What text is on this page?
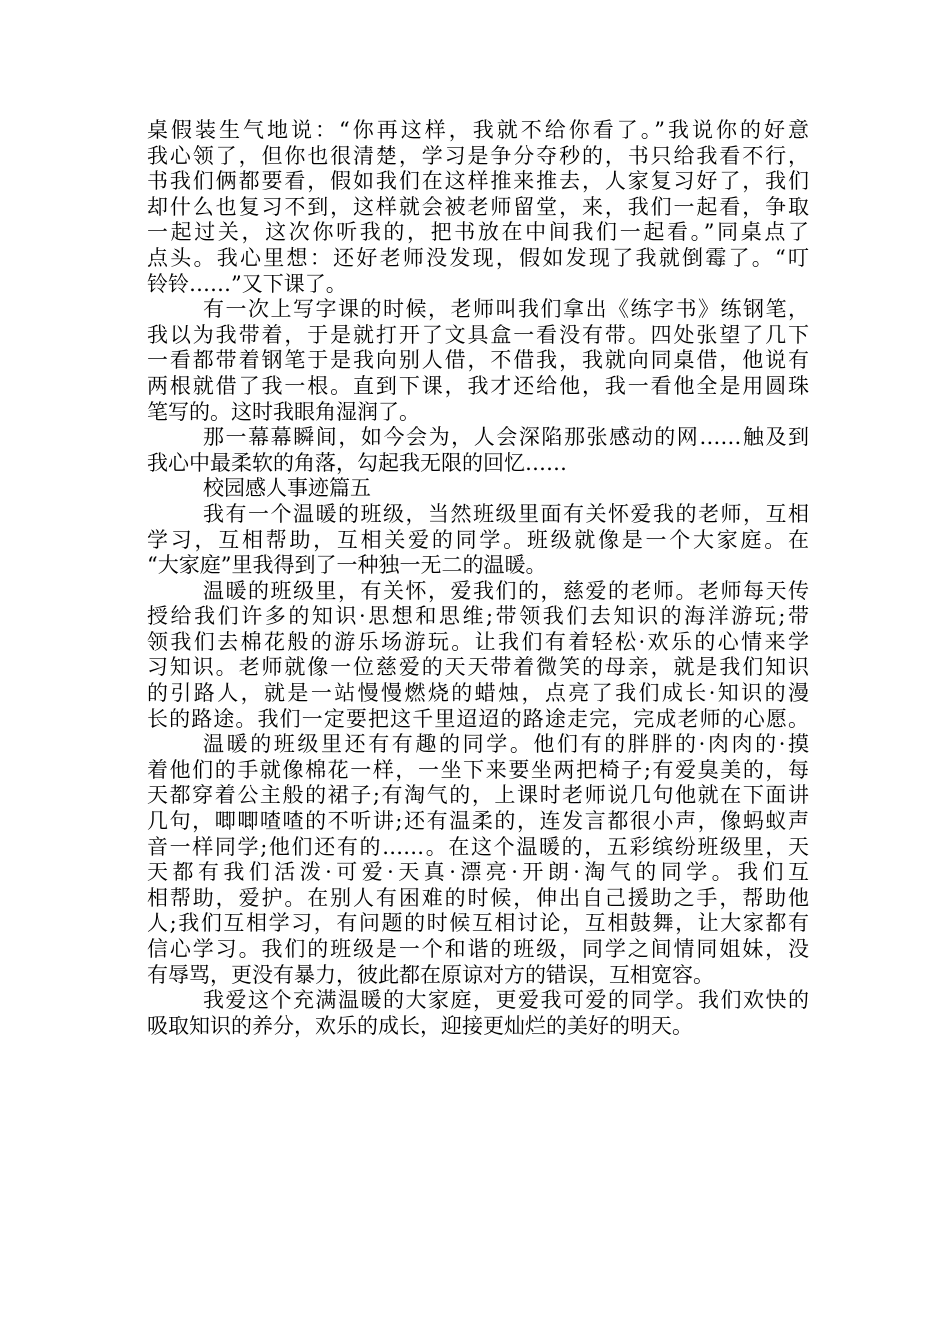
桌假装生气地说：“你再这样，我就不给你看了。”我说你的好意
我心领了，但你也很清楚，学习是争分夺秒的，书只给我看不行，
书我们俩都要看，假如我们在这样推来推去，人家复习好了，我们
却什么也复习不到，这样就会被老师留堂，来，我们一起看，争取
一起过关，这次你听我的，把书放在中间我们一起看。”同桌点了
点头。我心里想：还好老师没发现，假如发现了我就倒霉了。“叮
铃铃……”又下课了。
有一次上写字课的时候，老师叫我们拿出《练字书》练钢笔，
我以为我带着，于是就打开了文具盒一看没有带。四处张望了几下
一看都带着钢笔于是我向别人借，不借我，我就向同桌借，他说有
两根就借了我一根。直到下课，我才还给他，我一看他全是用圆珠
笔写的。这时我眼角湿润了。
那一幕幕瞬间，如今会为，人会深陷那张感动的网……触及到
我心中最柔软的角落，勾起我无限的回忆……
校园感人事迹篇五
我有一个温暖的班级，当然班级里面有关怀爱我的老师，互相
学习，互相帮助，互相关爱的同学。班级就像是一个大家庭。在
“大家庭”里我得到了一种独一无二的温暖。
温暖的班级里，有关怀，爱我们的，慈爱的老师。老师每天传
授给我们许多的知识·思想和思维;带领我们去知识的海洋游玩;带
领我们去棉花般的游乐场游玩。让我们有着轻松·欢乐的心情来学
习知识。老师就像一位慈爱的天天带着微笑的母亲，就是我们知识
的引路人，就是一站慢慢燃烧的蜡烛，点亮了我们成长·知识的漫
长的路途。我们一定要把这千里迢迢的路途走完，完成老师的心愿。
温暖的班级里还有有趣的同学。他们有的胖胖的·肉肉的·摸
着他们的手就像棉花一样，一坐下来要坐两把椅子;有爱臭美的，每
天都穿着公主般的裙子;有淘气的，上课时老师说几句他就在下面讲
几句，唧唧喳喳的不听讲;还有温柔的，连发言都很小声，像蚂蚁声
音一样同学;他们还有的……。在这个温暖的，五彩缤纷班级里，天
天都有我们活泼·可爱·天真·漂亮·开朗·淘气的同学。我们互
相帮助，爱护。在别人有困难的时候，伸出自己援助之手，帮助他
人;我们互相学习，有问题的时候互相讨论，互相鼓舞，让大家都有
信心学习。我们的班级是一个和谐的班级，同学之间情同姐妹，没
有辱骂，更没有暴力，彼此都在原谅对方的错误，互相宽容。
我爱这个充满温暖的大家庭，更爱我可爱的同学。我们欢快的
吸取知识的养分，欢乐的成长，迎接更灿烂的美好的明天。
